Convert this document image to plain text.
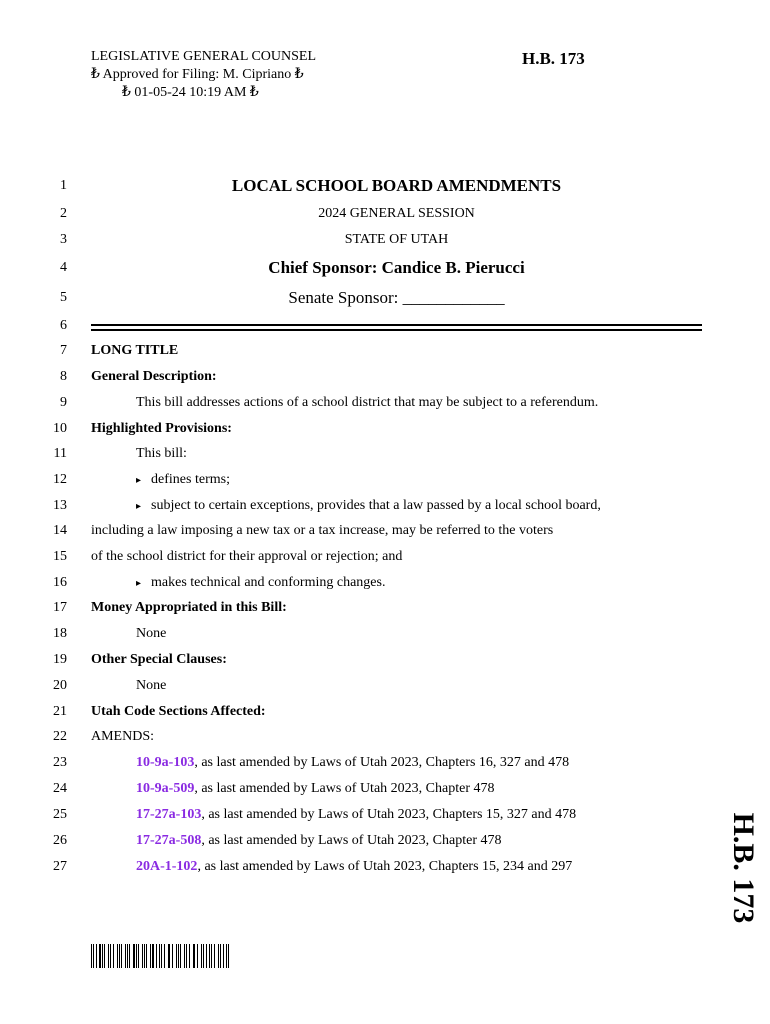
LEGISLATIVE GENERAL COUNSEL
₺ Approved for Filing: M. Cipriano ₺
₺ 01-05-24 10:19 AM ₺
H.B. 173
1
2
3
4
5
6
7
8
9
10
11
12
13
14
15
16
17
18
19
20
21
22
23
24
25
26
27
LOCAL SCHOOL BOARD AMENDMENTS
2024 GENERAL SESSION
STATE OF UTAH
Chief Sponsor: Candice B. Pierucci
Senate Sponsor: ____________
LONG TITLE
General Description:
This bill addresses actions of a school district that may be subject to a referendum.
Highlighted Provisions:
This bill:
▸ defines terms;
▸ subject to certain exceptions, provides that a law passed by a local school board,
including a law imposing a new tax or a tax increase, may be referred to the voters
of the school district for their approval or rejection; and
▸ makes technical and conforming changes.
Money Appropriated in this Bill:
None
Other Special Clauses:
None
Utah Code Sections Affected:
AMENDS:
10-9a-103, as last amended by Laws of Utah 2023, Chapters 16, 327 and 478
10-9a-509, as last amended by Laws of Utah 2023, Chapter 478
17-27a-103, as last amended by Laws of Utah 2023, Chapters 15, 327 and 478
17-27a-508, as last amended by Laws of Utah 2023, Chapter 478
20A-1-102, as last amended by Laws of Utah 2023, Chapters 15, 234 and 297	H.B. 173
